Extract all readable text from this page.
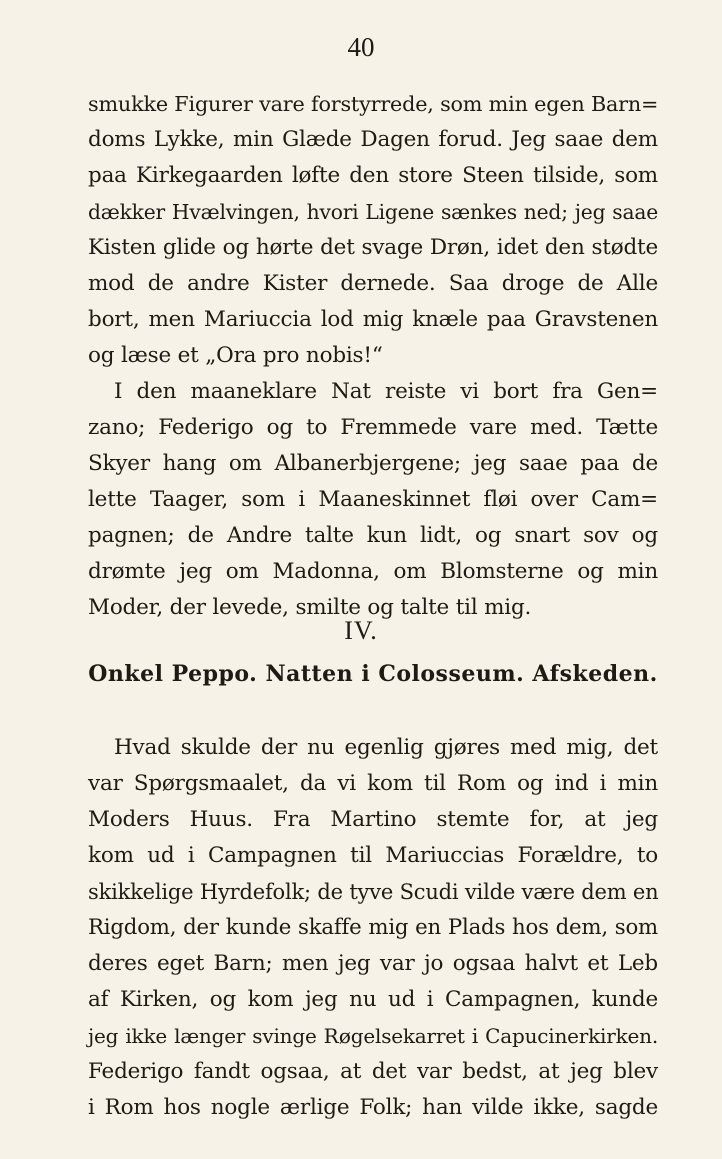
40
smukke Figurer vare forstyrrede, som min egen Barn=
doms Lykke, min Glæde Dagen forud. Jeg saae dem
paa Kirkegaarden løfte den store Steen tilside, som
dækker Hvælvingen, hvori Ligene sænkes ned; jeg saae
Kisten glide og hørte det svage Drøn, idet den stødte
mod de andre Kister dernede. Saa droge de Alle
bort, men Mariuccia lod mig knæle paa Gravstenen
og læse et „Ora pro nobis!“
I den maaneklare Nat reiste vi bort fra Gen=
zano; Federigo og to Fremmede vare med. Tætte
Skyer hang om Albanerbjergene; jeg saae paa de
lette Taager, som i Maaneskinnet fløi over Cam=
pagnen; de Andre talte kun lidt, og snart sov og
drømte jeg om Madonna, om Blomsterne og min
Moder, der levede, smilte og talte til mig.
IV.
Onkel Peppo. Natten i Colosseum. Afskeden.
Hvad skulde der nu egenlig gjøres med mig, det
var Spørgsmaalet, da vi kom til Rom og ind i min
Moders Huus. Fra Martino stemte for, at jeg
kom ud i Campagnen til Mariuccias Forældre, to
skikkelige Hyrdefolk; de tyve Scudi vilde være dem en
Rigdom, der kunde skaffe mig en Plads hos dem, som
deres eget Barn; men jeg var jo ogsaa halvt et Leb
af Kirken, og kom jeg nu ud i Campagnen, kunde
jeg ikke længer svinge Røgelsekarret i Capucinerkirken.
Federigo fandt ogsaa, at det var bedst, at jeg blev
i Rom hos nogle ærlige Folk; han vilde ikke, sagde
